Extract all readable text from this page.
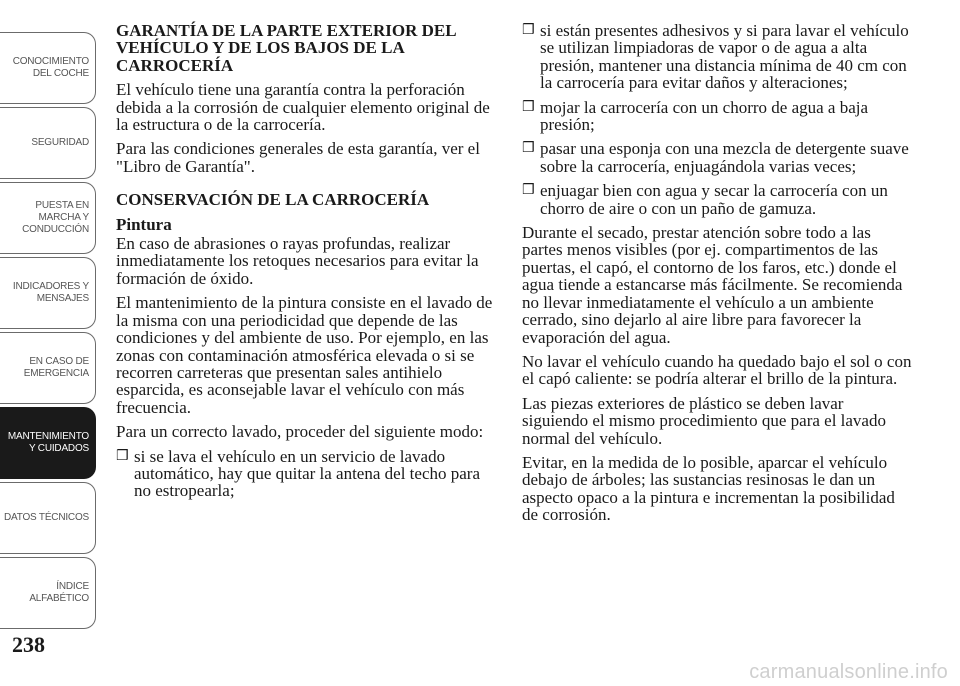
CONOCIMIENTO
DEL COCHE
SEGURIDAD
PUESTA EN
MARCHA Y
CONDUCCIÓN
INDICADORES Y
MENSAJES
EN CASO DE
EMERGENCIA
MANTENIMIENTO
Y CUIDADOS
DATOS TÉCNICOS
ÍNDICE
ALFABÉTICO
238
GARANTÍA DE LA PARTE EXTERIOR DEL VEHÍCULO Y DE LOS BAJOS DE LA CARROCERÍA

El vehículo tiene una garantía contra la perforación debida a la corrosión de cualquier elemento original de la estructura o de la carrocería.

Para las condiciones generales de esta garantía, ver el "Libro de Garantía".

CONSERVACIÓN DE LA CARROCERÍA
Pintura

En caso de abrasiones o rayas profundas, realizar inmediatamente los retoques necesarios para evitar la formación de óxido.

El mantenimiento de la pintura consiste en el lavado de la misma con una periodicidad que depende de las condiciones y del ambiente de uso. Por ejemplo, en las zonas con contaminación atmosférica elevada o si se recorren carreteras que presentan sales antihielo esparcida, es aconsejable lavar el vehículo con más frecuencia.

Para un correcto lavado, proceder del siguiente modo:

❒ si se lava el vehículo en un servicio de lavado automático, hay que quitar la antena del techo para no estropearla;
❒ si están presentes adhesivos y si para lavar el vehículo se utilizan limpiadoras de vapor o de agua a alta presión, mantener una distancia mínima de 40 cm con la carrocería para evitar daños y alteraciones;
❒ mojar la carrocería con un chorro de agua a baja presión;
❒ pasar una esponja con una mezcla de detergente suave sobre la carrocería, enjuagándola varias veces;
❒ enjuagar bien con agua y secar la carrocería con un chorro de aire o con un paño de gamuza.

Durante el secado, prestar atención sobre todo a las partes menos visibles (por ej. compartimentos de las puertas, el capó, el contorno de los faros, etc.) donde el agua tiende a estancarse más fácilmente. Se recomienda no llevar inmediatamente el vehículo a un ambiente cerrado, sino dejarlo al aire libre para favorecer la evaporación del agua.

No lavar el vehículo cuando ha quedado bajo el sol o con el capó caliente: se podría alterar el brillo de la pintura.

Las piezas exteriores de plástico se deben lavar siguiendo el mismo procedimiento que para el lavado normal del vehículo.

Evitar, en la medida de lo posible, aparcar el vehículo debajo de árboles; las sustancias resinosas le dan un aspecto opaco a la pintura e incrementan la posibilidad de corrosión.

carmanualsonline.info
